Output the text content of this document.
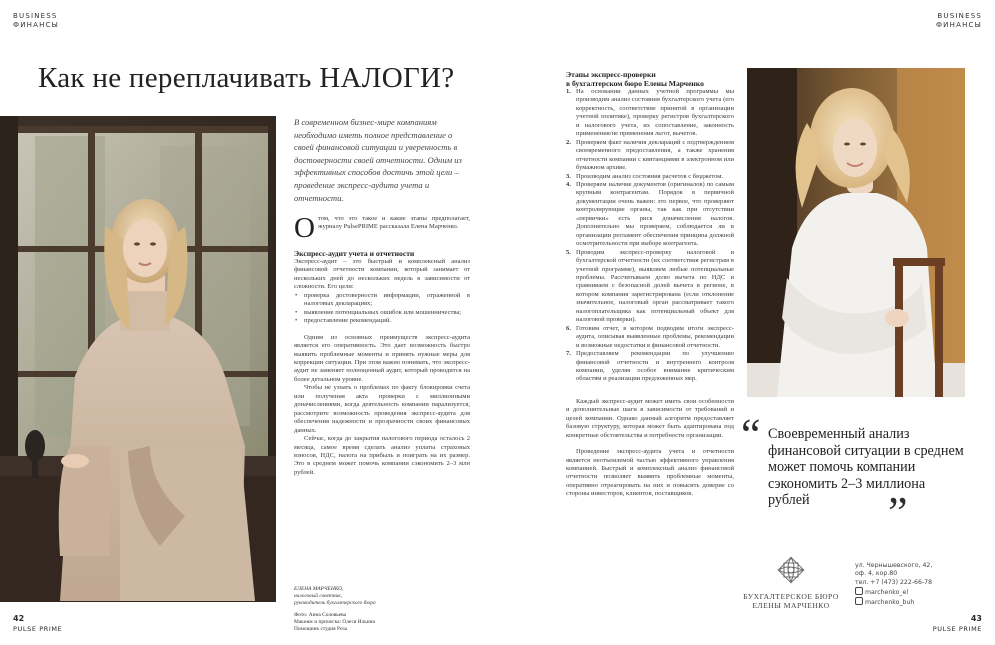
BUSINESS
ФИНАНСЫ
Как не переплачивать НАЛОГИ?
В современном бизнес-мире компаниям необходимо иметь полное представление о своей финансовой ситуации и уверенность в достоверности своей отчетности. Одним из эффективных способов достичь этой цели – проведение экспресс-аудита учета и отчетности.

Отом, что это такое и какие этапы предполагает, журналу PulsePRIME рассказала Елена Марченко.

Экспресс-аудит учета и отчетности

Экспресс-аудит – это быстрый и комплексный анализ финансовой отчетности компании, который занимает от нескольких дней до нескольких недель в зависимости от сложности. Его цели:

• проверка достоверности информации, отраженной в налоговых декларациях;
• выявление потенциальных ошибок или мошенничества;
• предоставление рекомендаций.

Одним из основных преимуществ экспресс-аудита является его оперативность. Это дает возможность быстро выявить проблемные моменты и принять нужные меры для коррекции ситуации. При этом важно понимать, что экспресс-аудит не заменяет полноценный аудит, который проводится на более детальном уровне.

Чтобы не узнать о проблемах по факту блокировки счета или получения акта проверки с миллионными доначислениями, когда деятельность компании парализуется, рассмотрите возможность проведения экспресс-аудита для обеспечения надежности и прозрачности своих финансовых данных.

Сейчас, когда до закрытия налогового периода осталось 2 месяца, самое время сделать анализ уплаты страховых взносов, НДС, налога на прибыль и поиграть на их размер. Это в среднем может помочь компании сэкономить 2–3 млн рублей.

ЕЛЕНА МАРЧЕНКО,
налоговый советник,
руководитель бухгалтерского бюро
Фото: Анна Соловьева
Макияж и прическа: Олеся Ильина
Помощник студия Роза
42
PULSE PRIME
BUSINESS
ФИНАНСЫ

Этапы экспресс-проверки

в бухгалтерском бюро Елены Марченко

1. На основании данных учетной программы мы производим анализ состояния бухгалтерского учета (его корректность, соответствие принятой в организации учетной политике), проверку регистров бухгалтерского и налогового учета, их сопоставление, законность применения/не применения льгот, вычетов.
2. Проверяем факт наличия деклараций с подтверждением своевременного предоставления, а также хранения отчетности компании с квитанциями в электронном или бумажном архиве.
3. Производим анализ состояния расчетов с бюджетом.
4. Проверяем наличие документов (оригиналов) по самым крупным контрагентам. Порядок в первичной документации очень важен: это первое, что проверяют контролирующие органы, так как при отсутствии «первички» есть риск доначисления налогов. Дополнительно мы проверяем, соблюдается ли в организации регламент обеспечения принципа должной осмотрительности при выборе контрагента.
5. Проводим экспресс-проверку налоговой и бухгалтерской отчетности (их соответствия регистрам в учетной программе), выявляем любые потенциальные проблемы. Рассчитываем долю вычета по НДС и сравниваем с безопасной долей вычета в регионе, в котором компания зарегистрирована (если отклонение значительное, налоговый орган рассматривает такого налогоплательщика как потенциальный объект для налоговой проверки).
6. Готовим отчет, в котором подводим итоги экспресс-аудита, описывая выявленные проблемы, рекомендации и возможные недостатки в финансовой отчетности.
7. Предоставляем рекомендации по улучшению финансовой отчетности и внутреннего контроля компании, уделяя особое внимание критическим областям и реализации предложенных мер.

Каждый экспресс-аудит может иметь свои особенности и дополнительные шаги в зависимости от требований и целей компании. Однако данный алгоритм предоставляет базовую структуру, которая может быть адаптирована под конкретные обстоятельства и потребности организации.

Проведение экспресс-аудита учета и отчетности является неотъемлемой частью эффективного управления компанией. Быстрый и комплексный анализ финансовой отчетности позволяет выявить проблемные моменты, оперативно отреагировать на них и повысить доверие со стороны инвесторов, клиентов, поставщиков.

“ Своевременный анализ финансовой ситуации в среднем может помочь компании сэкономить 2–3 миллиона рублей	”
БУХГАЛТЕРСКОЕ БЮРО
ЕЛЕНЫ МАРЧЕНКО
ул. Чернышевского, 42,
оф. 4, кор.80
тел. +7 (473) 222-66-78
marchenko_el
marchenko_buh
43
PULSE PRIME
